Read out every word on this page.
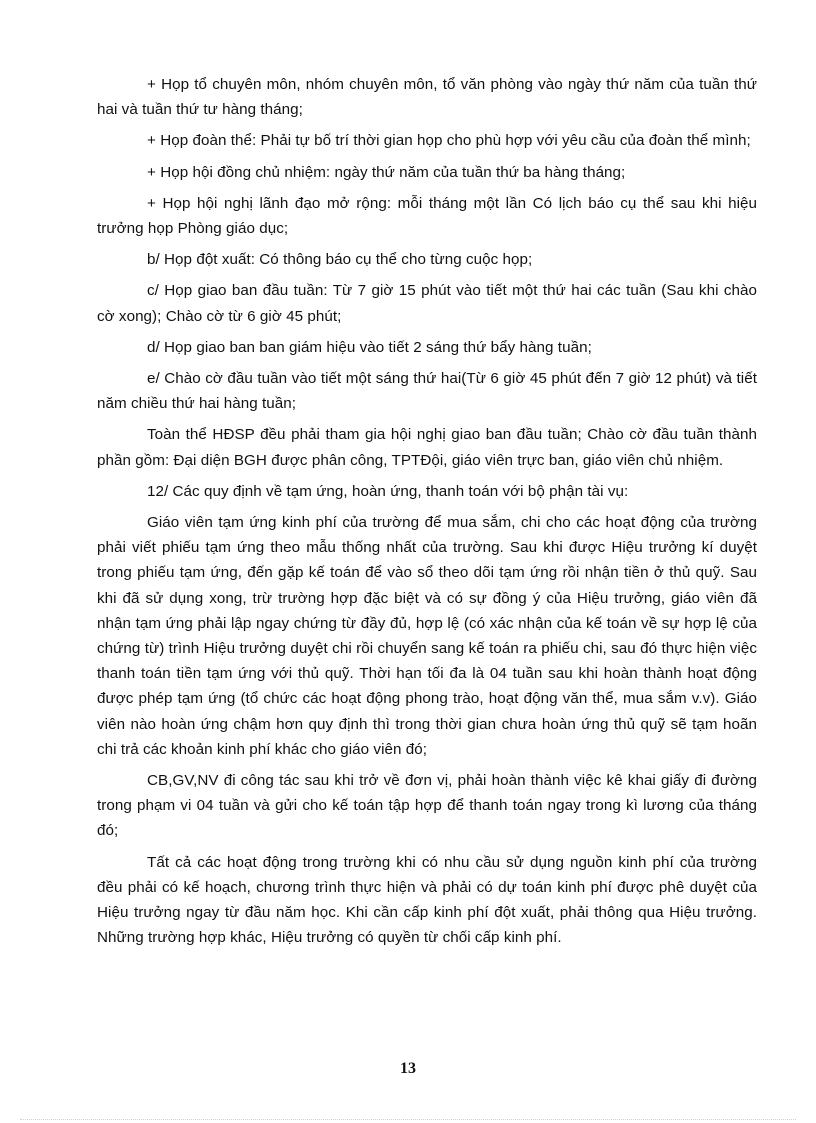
+ Họp tổ chuyên môn, nhóm chuyên môn, tổ văn phòng vào ngày thứ năm của tuần thứ hai và tuần thứ tư hàng tháng;

+ Họp đoàn thể: Phải tự bố trí thời gian họp cho phù hợp với yêu cầu của đoàn thể mình;

+ Họp hội đồng chủ nhiệm: ngày thứ năm của tuần thứ ba hàng tháng;

+ Họp hội nghị lãnh đạo mở rộng: mỗi tháng một lần Có lịch báo cụ thể sau khi hiệu trưởng họp Phòng giáo dục;

b/ Họp đột xuất: Có thông báo cụ thể cho từng cuộc họp;

c/ Họp giao ban đầu tuần: Từ 7 giờ 15 phút vào tiết một thứ hai các tuần (Sau khi chào cờ xong); Chào cờ từ 6 giờ 45 phút;

d/ Họp giao ban ban giám hiệu vào tiết 2 sáng thứ bẩy hàng tuần;

e/ Chào cờ đầu tuần vào tiết một sáng thứ hai(Từ 6 giờ 45 phút đến 7 giờ 12 phút) và tiết năm chiều thứ hai hàng tuần;

Toàn thể HĐSP đều phải tham gia hội nghị giao ban đầu tuần; Chào cờ đầu tuần thành phần gồm: Đại diện BGH được phân công, TPTĐội, giáo viên trực ban, giáo viên chủ nhiệm.

12/ Các quy định về tạm ứng, hoàn ứng, thanh toán với bộ phận tài vụ:

Giáo viên tạm ứng kinh phí của trường để mua sắm, chi cho các hoạt động của trường phải viết phiếu tạm ứng theo mẫu thống nhất của trường. Sau khi được Hiệu trưởng kí duyệt trong phiếu tạm ứng, đến gặp kế toán để vào sổ theo dõi tạm ứng rồi nhận tiền ở thủ quỹ. Sau khi đã sử dụng xong, trừ trường hợp đặc biệt và có sự đồng ý của Hiệu trưởng, giáo viên đã nhận tạm ứng phải lập ngay chứng từ đầy đủ, hợp lệ (có xác nhận của kế toán về sự hợp lệ của chứng từ) trình Hiệu trưởng duyệt chi rồi chuyển sang kế toán ra phiếu chi, sau đó thực hiện việc thanh toán tiền tạm ứng với thủ quỹ. Thời hạn tối đa là 04 tuần sau khi hoàn thành hoạt động được phép tạm ứng (tổ chức các hoạt động phong trào, hoạt động văn thể, mua sắm v.v). Giáo viên nào hoàn ứng chậm hơn quy định thì trong thời gian chưa hoàn ứng thủ quỹ sẽ tạm hoãn chi trả các khoản kinh phí khác cho giáo viên đó;

CB,GV,NV đi công tác sau khi trở về đơn vị, phải hoàn thành việc kê khai giấy đi đường trong phạm vi 04 tuần và gửi cho kế toán tập hợp để thanh toán ngay trong kì lương của tháng đó;

Tất cả các hoạt động trong trường khi có nhu cầu sử dụng nguồn kinh phí của trường đều phải có kế hoạch, chương trình thực hiện và phải có dự toán kinh phí được phê duyệt của Hiệu trưởng ngay từ đầu năm học. Khi cần cấp kinh phí đột xuất, phải thông qua Hiệu trưởng. Những trường hợp khác, Hiệu trưởng có quyền từ chối cấp kinh phí.

13
